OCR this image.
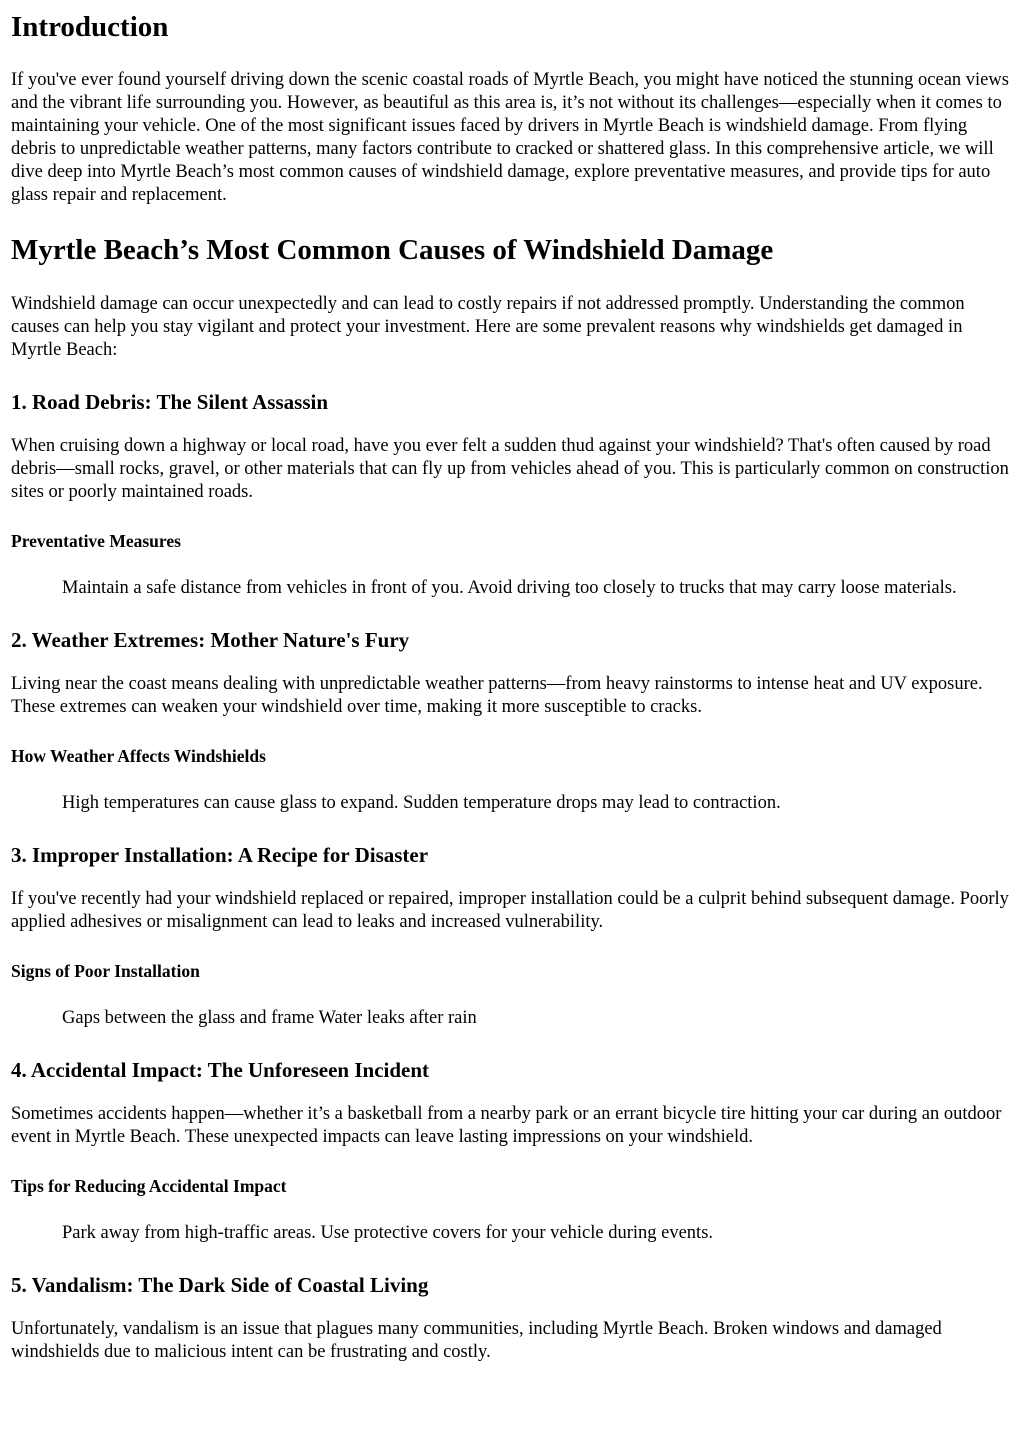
Introduction

If you've ever found yourself driving down the scenic coastal roads of Myrtle Beach, you might have noticed the stunning ocean views and the vibrant life surrounding you. However, as beautiful as this area is, it’s not without its challenges—especially when it comes to maintaining your vehicle. One of the most significant issues faced by drivers in Myrtle Beach is windshield damage. From flying debris to unpredictable weather patterns, many factors contribute to cracked or shattered glass. In this comprehensive article, we will dive deep into Myrtle Beach’s most common causes of windshield damage, explore preventative measures, and provide tips for auto glass repair and replacement.

Myrtle Beach’s Most Common Causes of Windshield Damage

Windshield damage can occur unexpectedly and can lead to costly repairs if not addressed promptly. Understanding the common causes can help you stay vigilant and protect your investment. Here are some prevalent reasons why windshields get damaged in Myrtle Beach:

1. Road Debris: The Silent Assassin

When cruising down a highway or local road, have you ever felt a sudden thud against your windshield? That's often caused by road debris—small rocks, gravel, or other materials that can fly up from vehicles ahead of you. This is particularly common on construction sites or poorly maintained roads.

Preventative Measures
Maintain a safe distance from vehicles in front of you. Avoid driving too closely to trucks that may carry loose materials.
2. Weather Extremes: Mother Nature's Fury

Living near the coast means dealing with unpredictable weather patterns—from heavy rainstorms to intense heat and UV exposure. These extremes can weaken your windshield over time, making it more susceptible to cracks.

How Weather Affects Windshields
High temperatures can cause glass to expand. Sudden temperature drops may lead to contraction.
3. Improper Installation: A Recipe for Disaster

If you've recently had your windshield replaced or repaired, improper installation could be a culprit behind subsequent damage. Poorly applied adhesives or misalignment can lead to leaks and increased vulnerability.

Signs of Poor Installation
Gaps between the glass and frame Water leaks after rain
4. Accidental Impact: The Unforeseen Incident

Sometimes accidents happen—whether it’s a basketball from a nearby park or an errant bicycle tire hitting your car during an outdoor event in Myrtle Beach. These unexpected impacts can leave lasting impressions on your windshield.

Tips for Reducing Accidental Impact
Park away from high-traffic areas. Use protective covers for your vehicle during events.
5. Vandalism: The Dark Side of Coastal Living

Unfortunately, vandalism is an issue that plagues many communities, including Myrtle Beach. Broken windows and damaged windshields due to malicious intent can be frustrating and costly.
